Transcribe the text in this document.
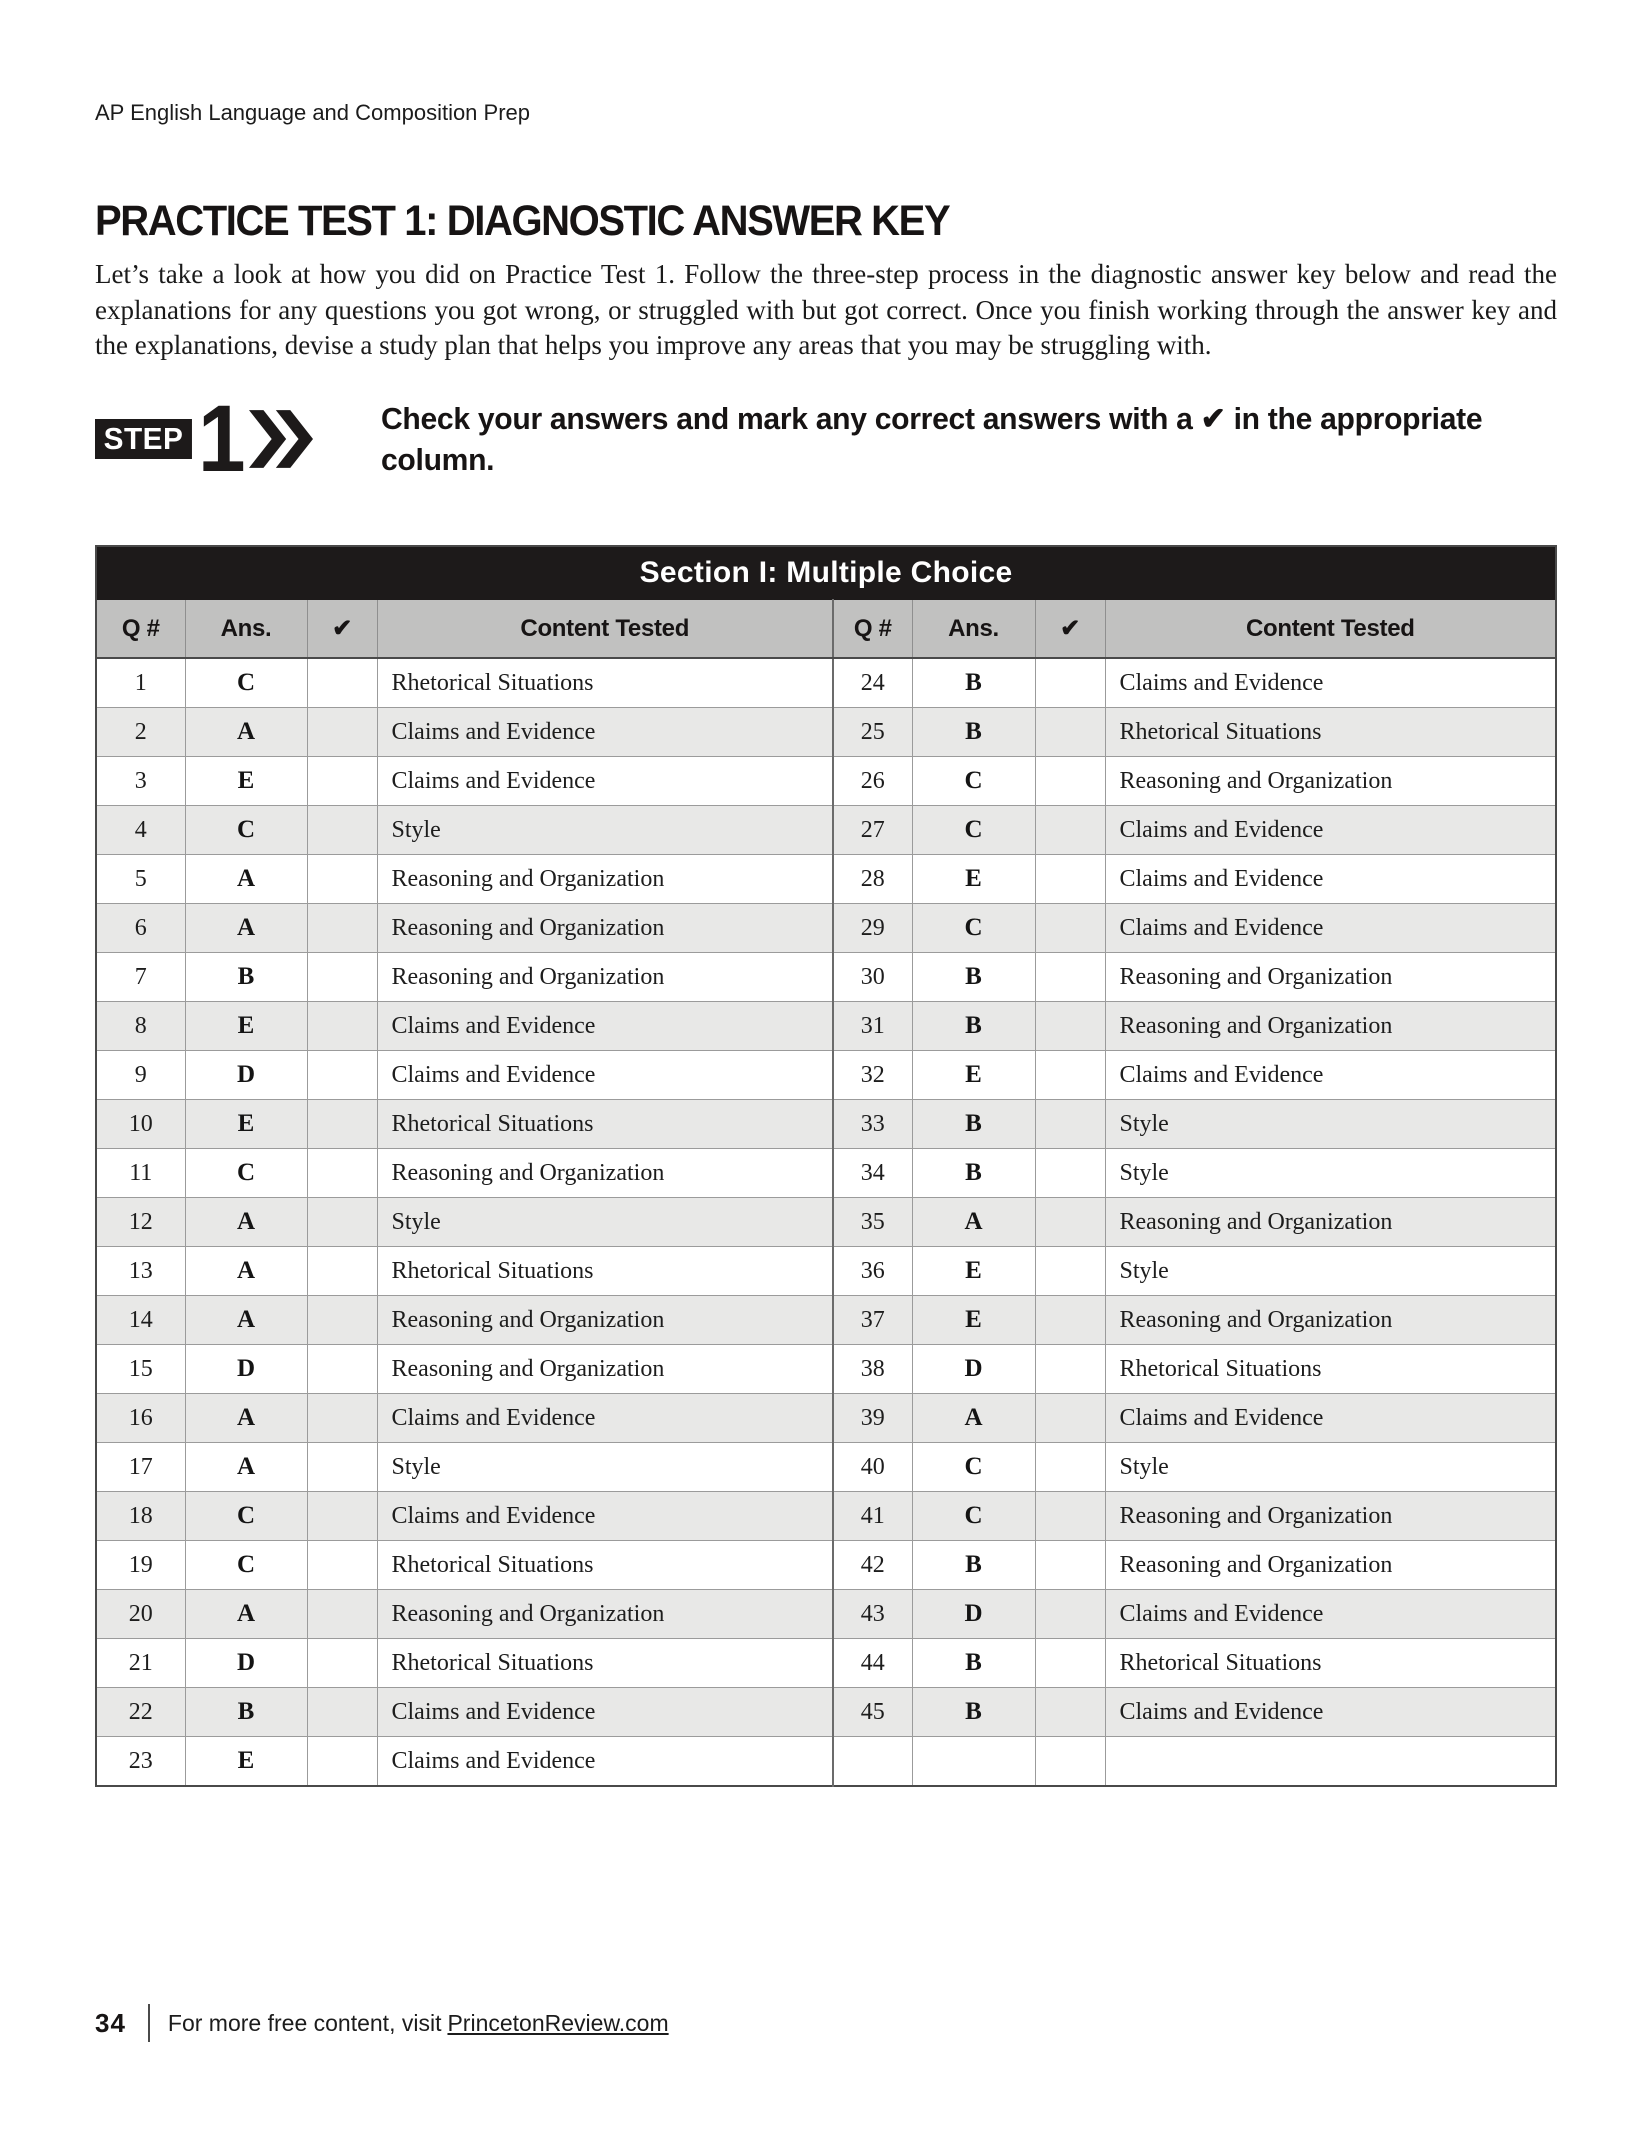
AP English Language and Composition Prep
PRACTICE TEST 1: DIAGNOSTIC ANSWER KEY

Let’s take a look at how you did on Practice Test 1. Follow the three-step process in the diagnostic answer key below and read the explanations for any questions you got wrong, or struggled with but got correct. Once you finish working through the answer key and the explanations, devise a study plan that helps you improve any areas that you may be struggling with.

STEP 1	Check your answers and mark any correct answers with a ✔ in the appropriate column.
Section I: Multiple Choice							
Q #	Ans.	✔	Content Tested	Q #	Ans.	✔	Content Tested
1	C		Rhetorical Situations	24	B		Claims and Evidence
2	A		Claims and Evidence	25	B		Rhetorical Situations
3	E		Claims and Evidence	26	C		Reasoning and Organization
4	C		Style	27	C		Claims and Evidence
5	A		Reasoning and Organization	28	E		Claims and Evidence
6	A		Reasoning and Organization	29	C		Claims and Evidence
7	B		Reasoning and Organization	30	B		Reasoning and Organization
8	E		Claims and Evidence	31	B		Reasoning and Organization
9	D		Claims and Evidence	32	E		Claims and Evidence
10	E		Rhetorical Situations	33	B		Style
11	C		Reasoning and Organization	34	B		Style
12	A		Style	35	A		Reasoning and Organization
13	A		Rhetorical Situations	36	E		Style
14	A		Reasoning and Organization	37	E		Reasoning and Organization
15	D		Reasoning and Organization	38	D		Rhetorical Situations
16	A		Claims and Evidence	39	A		Claims and Evidence
17	A		Style	40	C		Style
18	C		Claims and Evidence	41	C		Reasoning and Organization
19	C		Rhetorical Situations	42	B		Reasoning and Organization
20	A		Reasoning and Organization	43	D		Claims and Evidence
21	D		Rhetorical Situations	44	B		Rhetorical Situations
22	B		Claims and Evidence	45	B		Claims and Evidence
23	E		Claims and Evidence				
34 For more free content, visit PrincetonReview.com
